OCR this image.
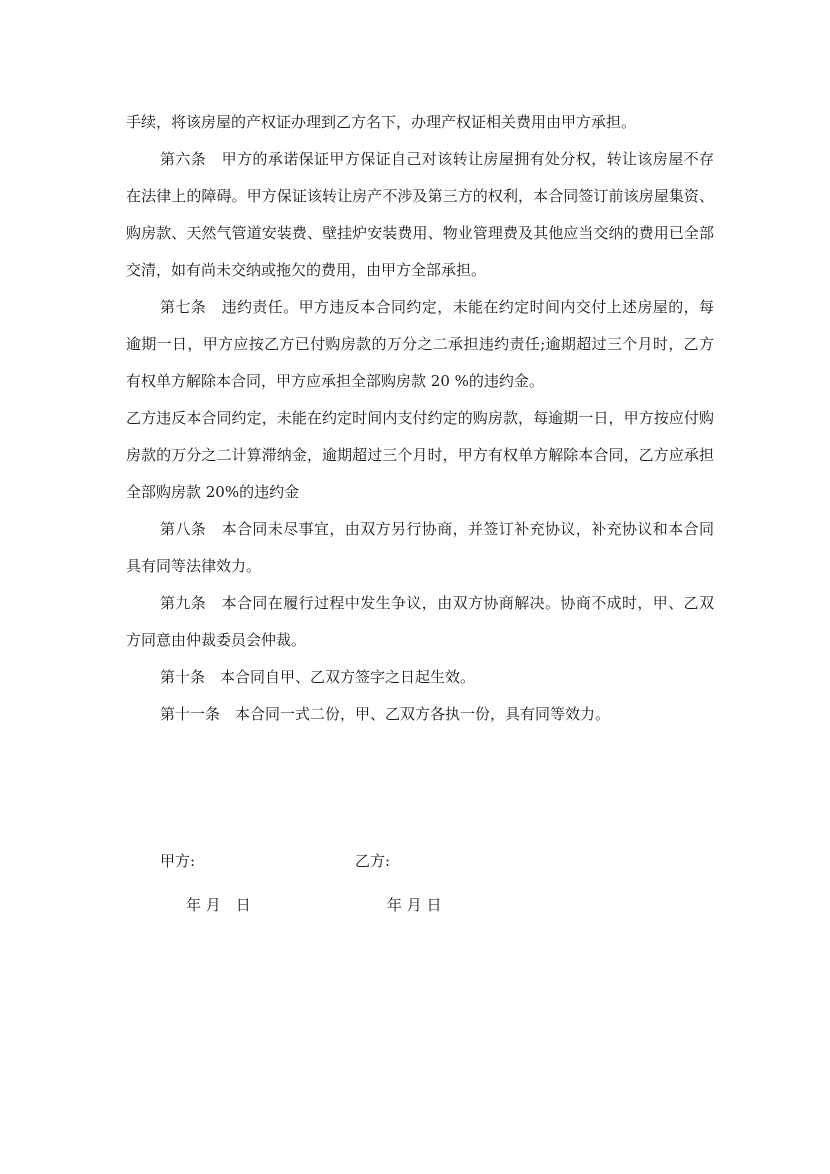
手续，将该房屋的产权证办理到乙方名下，办理产权证相关费用由甲方承担。

第六条　甲方的承诺保证甲方保证自己对该转让房屋拥有处分权，转让该房屋不存在法律上的障碍。甲方保证该转让房产不涉及第三方的权利，本合同签订前该房屋集资、购房款、天然气管道安装费、壁挂炉安装费用、物业管理费及其他应当交纳的费用已全部交清，如有尚未交纳或拖欠的费用，由甲方全部承担。

第七条　违约责任。甲方违反本合同约定，未能在约定时间内交付上述房屋的，每逾期一日，甲方应按乙方已付购房款的万分之二承担违约责任;逾期超过三个月时，乙方有权单方解除本合同，甲方应承担全部购房款 20 %的违约金。

乙方违反本合同约定，未能在约定时间内支付约定的购房款，每逾期一日，甲方按应付购房款的万分之二计算滞纳金，逾期超过三个月时，甲方有权单方解除本合同，乙方应承担全部购房款 20%的违约金

第八条　本合同未尽事宜，由双方另行协商，并签订补充协议，补充协议和本合同具有同等法律效力。

第九条　本合同在履行过程中发生争议，由双方协商解决。协商不成时，甲、乙双方同意由仲裁委员会仲裁。

第十条　本合同自甲、乙双方签字之日起生效。

第十一条　本合同一式二份，甲、乙双方各执一份，具有同等效力。

甲方:	乙方:
年 月　日	年 月 日
